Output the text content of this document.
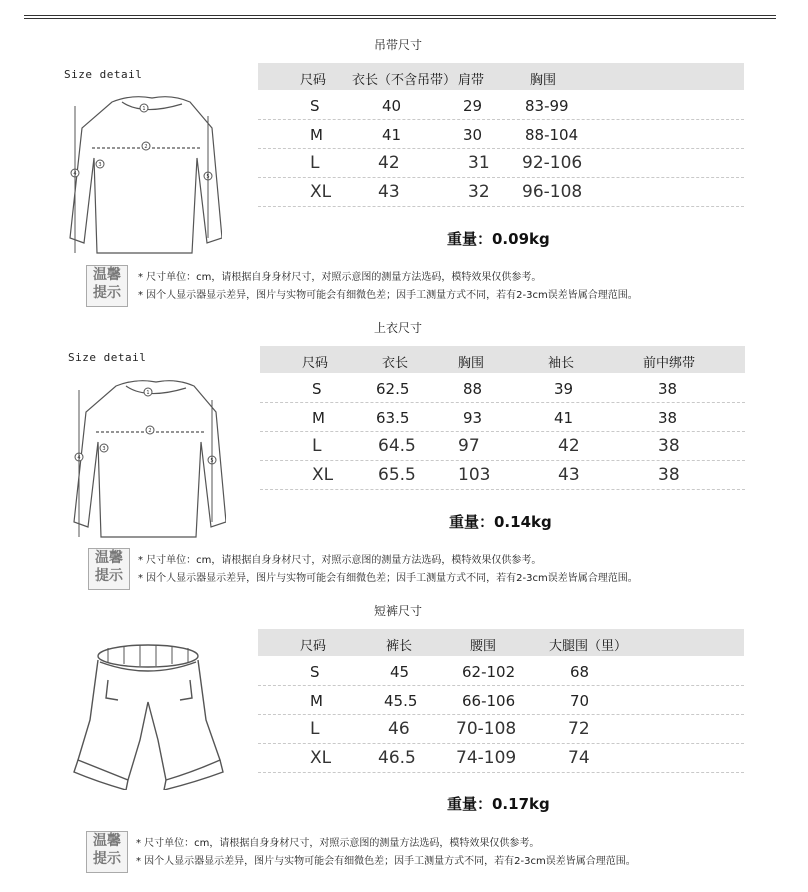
吊带尺寸
Size detail
1
2
3
4	5
尺码 衣长（不含吊带） 肩带	胸围
S	40	29	83-99
M	41	30	88-104
L	42	31 92-106
XL	43	32 96-108
重量：0.09kg
温馨
提示
* 尺寸单位：cm，请根据自身身材尺寸，对照示意图的测量方法选码，模特效果仅供参考。
* 因个人显示器显示差异，图片与实物可能会有细微色差；因手工测量方式不同，若有2-3cm误差皆属合理范围。
上衣尺寸
Size detail
1
2
3
4	5
尺码	衣长	胸围	袖长	前中绑带
S	62.5	88	39	38
M	63.5	93	41	38
L	64.5 97	42	38
XL	65.5 103	43	38
重量：0.14kg
温馨
提示
* 尺寸单位：cm，请根据自身身材尺寸，对照示意图的测量方法选码，模特效果仅供参考。
* 因个人显示器显示差异，图片与实物可能会有细微色差；因手工测量方式不同，若有2-3cm误差皆属合理范围。
短裤尺寸
尺码	裤长	腰围	大腿围（里）
S	45	62-102	68
M	45.5	66-106	70
L	46	70-108	72
XL	46.5 74-109	74
重量：0.17kg
温馨
提示
* 尺寸单位：cm，请根据自身身材尺寸，对照示意图的测量方法选码，模特效果仅供参考。
* 因个人显示器显示差异，图片与实物可能会有细微色差；因手工测量方式不同，若有2-3cm误差皆属合理范围。
